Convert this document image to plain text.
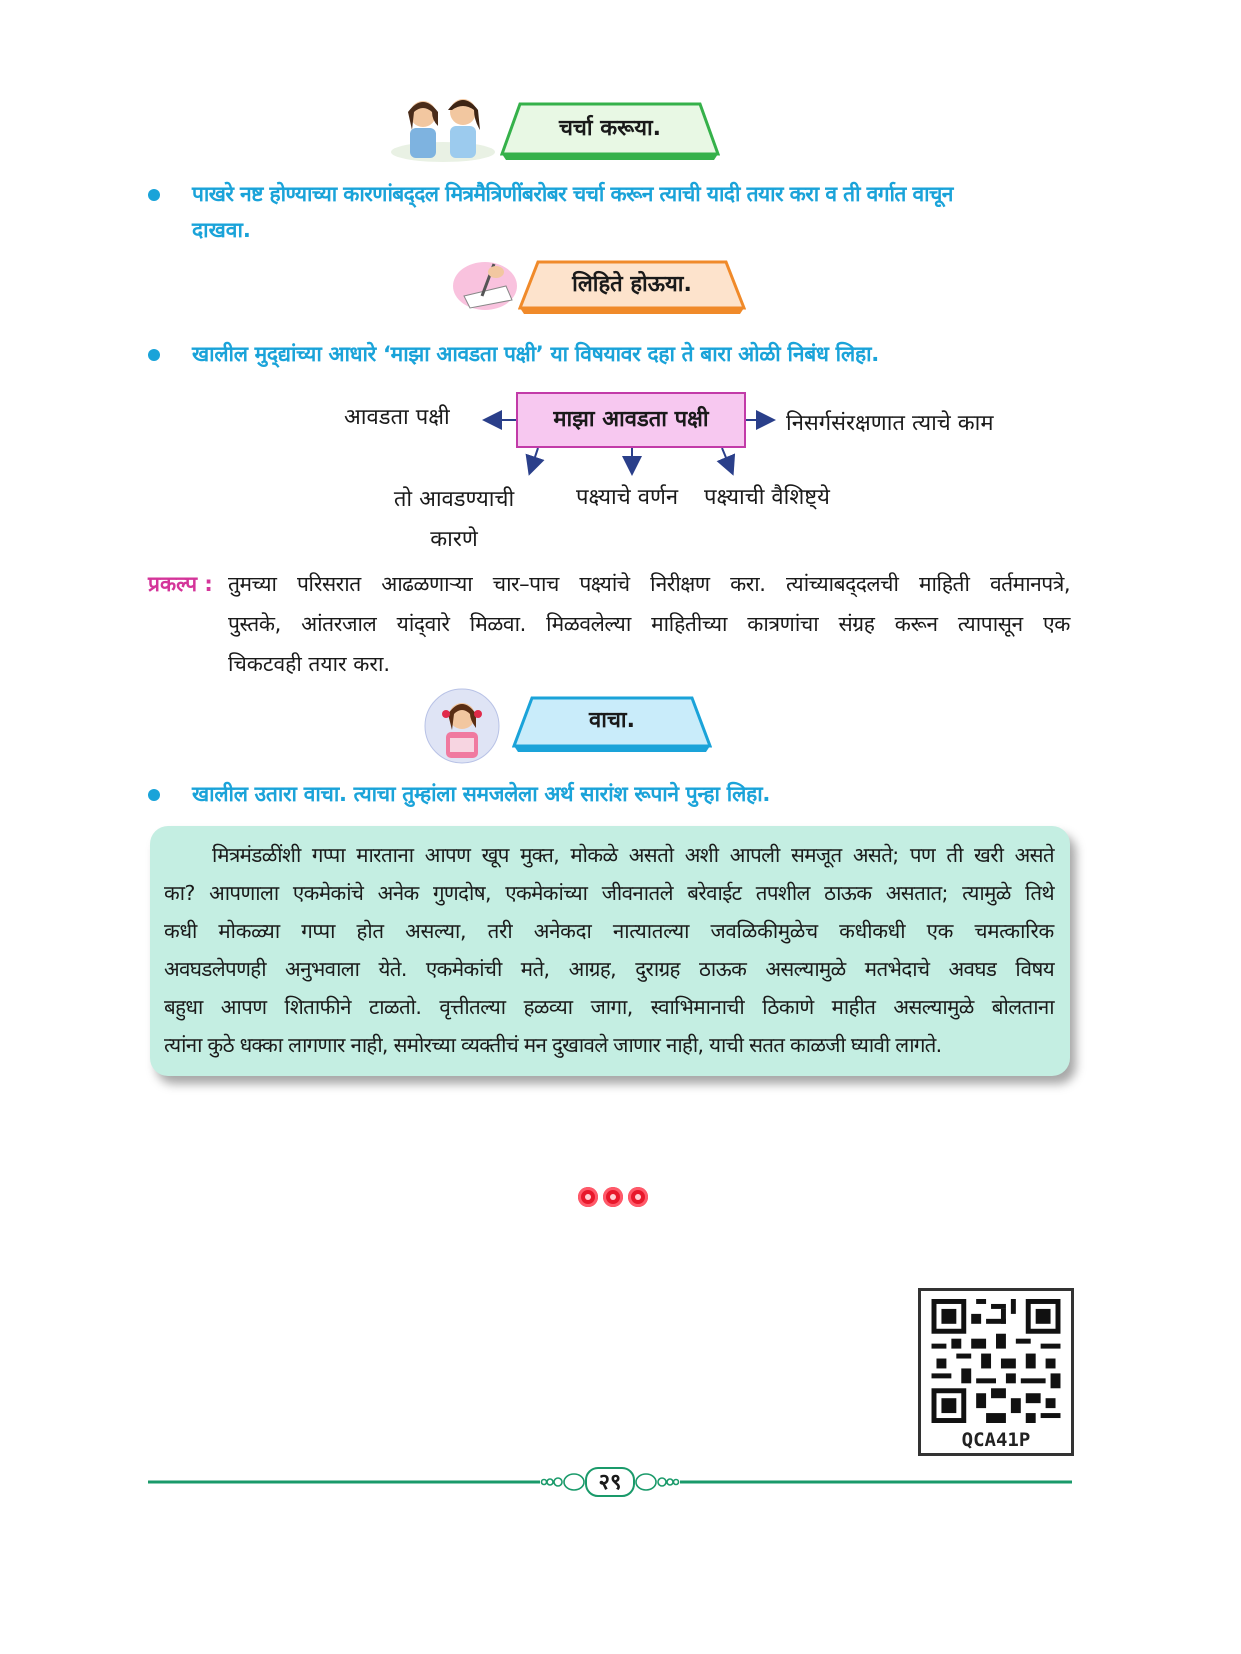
चर्चा करूया.
पाखरे नष्ट होण्याच्या कारणांबद्‌दल मित्रमैत्रिणींबरोबर चर्चा करून त्याची यादी तयार करा व ती वर्गात वाचून
दाखवा.
लिहिते होऊया.
खालील मुद्‌द्यांच्या आधारे ‘माझा आवडता पक्षी’ या विषयावर दहा ते बारा ओळी निबंध लिहा.
माझा आवडता पक्षी
आवडता पक्षी	निसर्गसंरक्षणात त्याचे काम
तो आवडण्याची
कारणे
पक्ष्याचे वर्णन पक्ष्याची वैशिष्ट्ये
प्रकल्प : तुमच्या परिसरात आढळणाऱ्या चार–पाच पक्ष्यांचे निरीक्षण करा. त्यांच्याबद्‌दलची माहिती वर्तमानपत्रे,
पुस्तके, आंतरजाल यांद्‌वारे मिळवा. मिळवलेल्या माहितीच्या कात्रणांचा संग्रह करून त्यापासून एक
चिकटवही तयार करा.
वाचा.
खालील उतारा वाचा. त्याचा तुम्हांला समजलेला अर्थ सारांश रूपाने पुन्हा लिहा.

मित्रमंडळींशी गप्पा मारताना आपण खूप मुक्त, मोकळे असतो अशी आपली समजूत असते; पण ती खरी असते

का? आपणाला एकमेकांचे अनेक गुणदोष, एकमेकांच्या जीवनातले बरेवाईट तपशील ठाऊक असतात; त्यामुळे तिथे

कधी मोकळ्या गप्पा होत असल्या, तरी अनेकदा नात्यातल्या जवळिकीमुळेच कधीकधी एक चमत्कारिक

अवघडलेपणही अनुभवाला येते. एकमेकांची मते, आग्रह, दुराग्रह ठाऊक असल्यामुळे मतभेदाचे अवघड विषय

बहुधा आपण शिताफीने टाळतो. वृत्तीतल्या हळव्या जागा, स्वाभिमानाची ठिकाणे माहीत असल्यामुळे बोलताना

त्यांना कुठे धक्का लागणार नाही, समोरच्या व्यक्तीचं मन दुखावले जाणार नाही, याची सतत काळजी घ्यावी लागते.

QCA41P
२९
